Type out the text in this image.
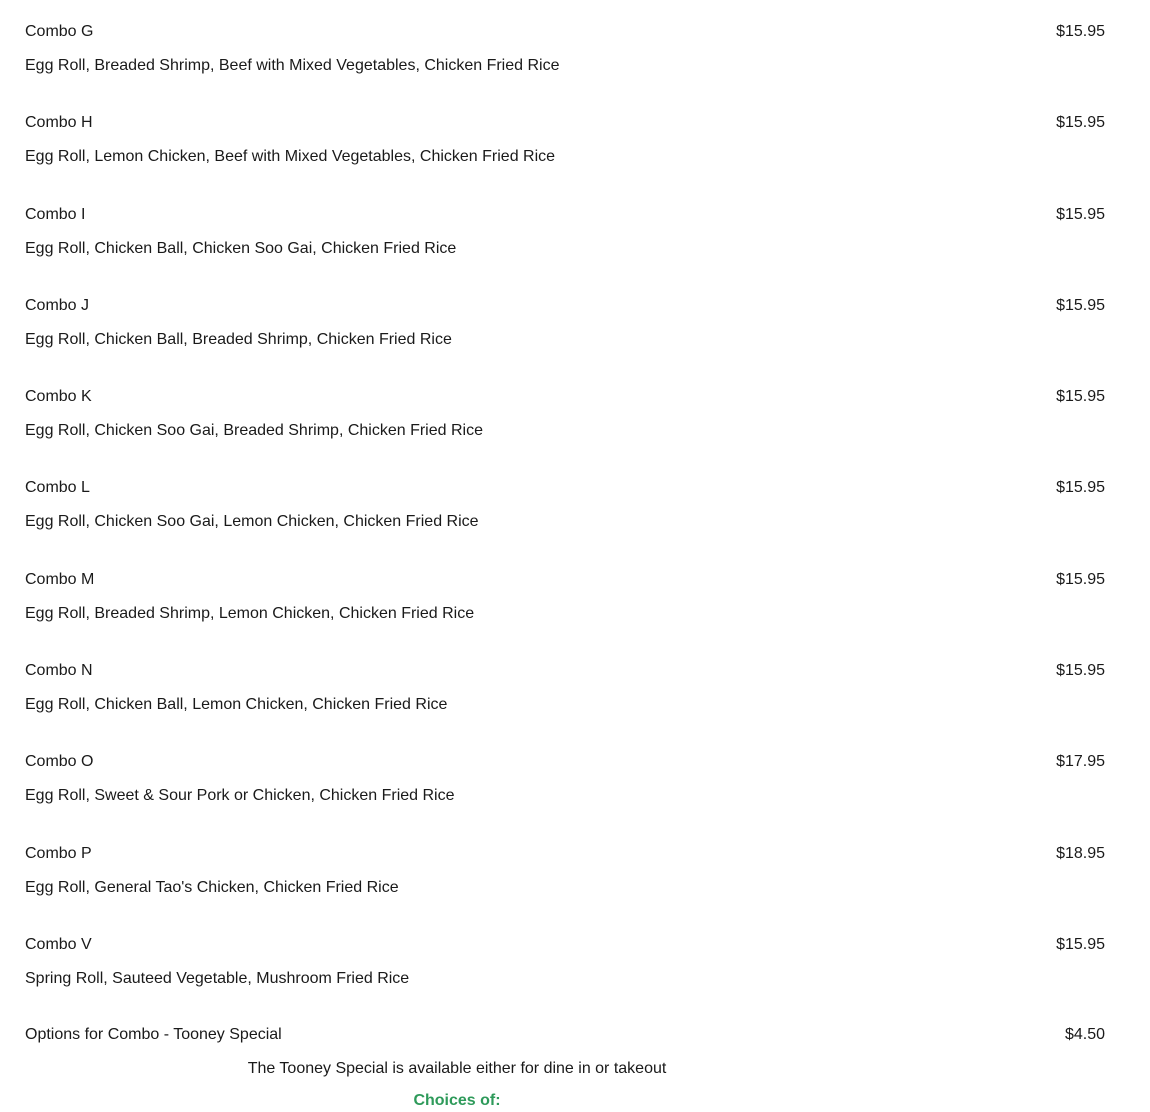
Combo G	$15.95
Egg Roll, Breaded Shrimp, Beef with Mixed Vegetables, Chicken Fried Rice
Combo H	$15.95
Egg Roll, Lemon Chicken, Beef with Mixed Vegetables, Chicken Fried Rice
Combo I	$15.95
Egg Roll, Chicken Ball, Chicken Soo Gai, Chicken Fried Rice
Combo J	$15.95
Egg Roll, Chicken Ball, Breaded Shrimp, Chicken Fried Rice
Combo K	$15.95
Egg Roll, Chicken Soo Gai, Breaded Shrimp, Chicken Fried Rice
Combo L	$15.95
Egg Roll, Chicken Soo Gai, Lemon Chicken, Chicken Fried Rice
Combo M	$15.95
Egg Roll, Breaded Shrimp, Lemon Chicken, Chicken Fried Rice
Combo N	$15.95
Egg Roll, Chicken Ball, Lemon Chicken, Chicken Fried Rice
Combo O	$17.95
Egg Roll, Sweet & Sour Pork or Chicken, Chicken Fried Rice
Combo P	$18.95
Egg Roll, General Tao's Chicken, Chicken Fried Rice
Combo V	$15.95
Spring Roll, Sauteed Vegetable, Mushroom Fried Rice
Options for Combo - Tooney Special	$4.50
The Tooney Special is available either for dine in or takeout
Choices of:
